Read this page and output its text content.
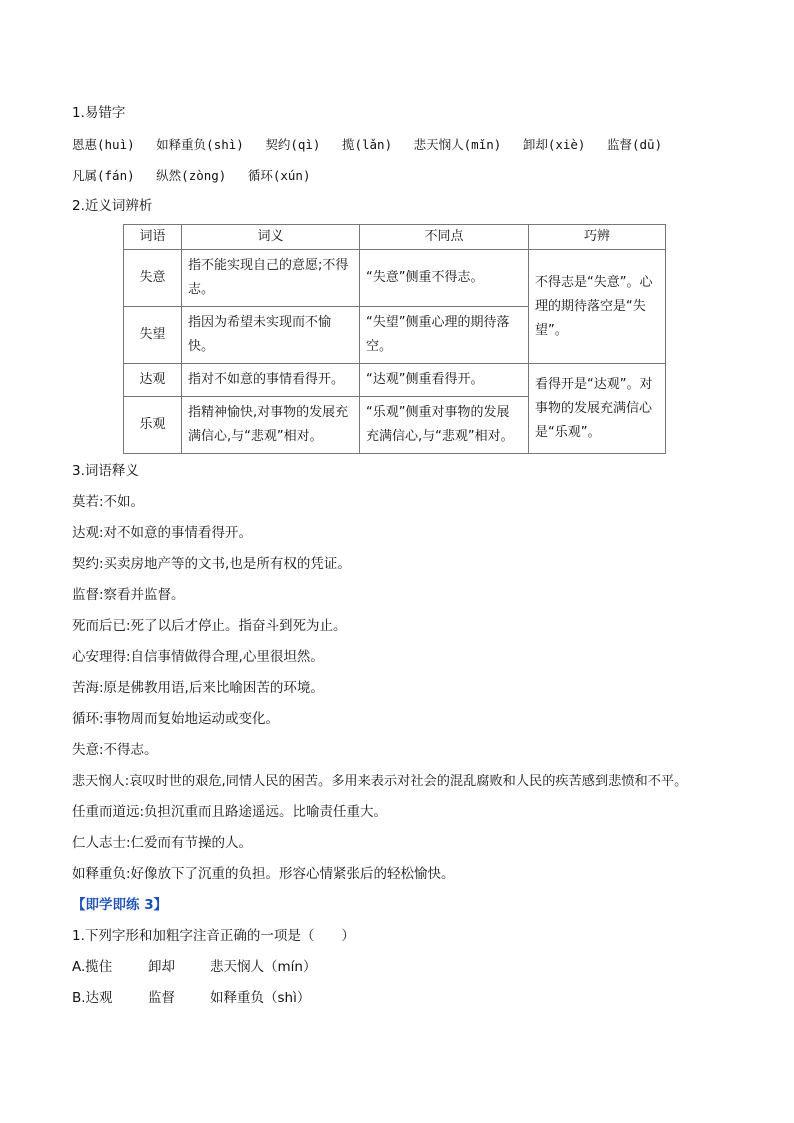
1.易错字
恩惠(huì) 如释重负(shì) 契约(qì) 揽(lǎn) 悲天悯人(mǐn) 卸却(xiè) 监督(dū)
凡属(fán) 纵然(zòng) 循环(xún)
2.近义词辨析
词语	词义	不同点	巧辨
失意	指不能实现自己的意愿;不得志。	“失意”侧重不得志。	不得志是“失意”。心理的期待落空是“失望”。
失望	指因为希望未实现而不愉快。	“失望”侧重心理的期待落空。	
达观	指对不如意的事情看得开。	“达观”侧重看得开。	看得开是“达观”。对事物的发展充满信心是“乐观”。
乐观	指精神愉快,对事物的发展充满信心,与“悲观”相对。	“乐观”侧重对事物的发展充满信心,与“悲观”相对。	
3.词语释义
莫若:不如。
达观:对不如意的事情看得开。
契约:买卖房地产等的文书,也是所有权的凭证。
监督:察看并监督。
死而后已:死了以后才停止。指奋斗到死为止。
心安理得:自信事情做得合理,心里很坦然。
苦海:原是佛教用语,后来比喻困苦的环境。
循环:事物周而复始地运动或变化。
失意:不得志。
悲天悯人:哀叹时世的艰危,同情人民的困苦。多用来表示对社会的混乱腐败和人民的疾苦感到悲愤和不平。
任重而道远:负担沉重而且路途遥远。比喻责任重大。
仁人志士:仁爱而有节操的人。
如释重负:好像放下了沉重的负担。形容心情紧张后的轻松愉快。
【即学即练 3】
1.下列字形和加粗字注音正确的一项是（　　）
A.揽住	卸却	悲天悯人（mín）
B.达观	监督	如释重负（shì）
